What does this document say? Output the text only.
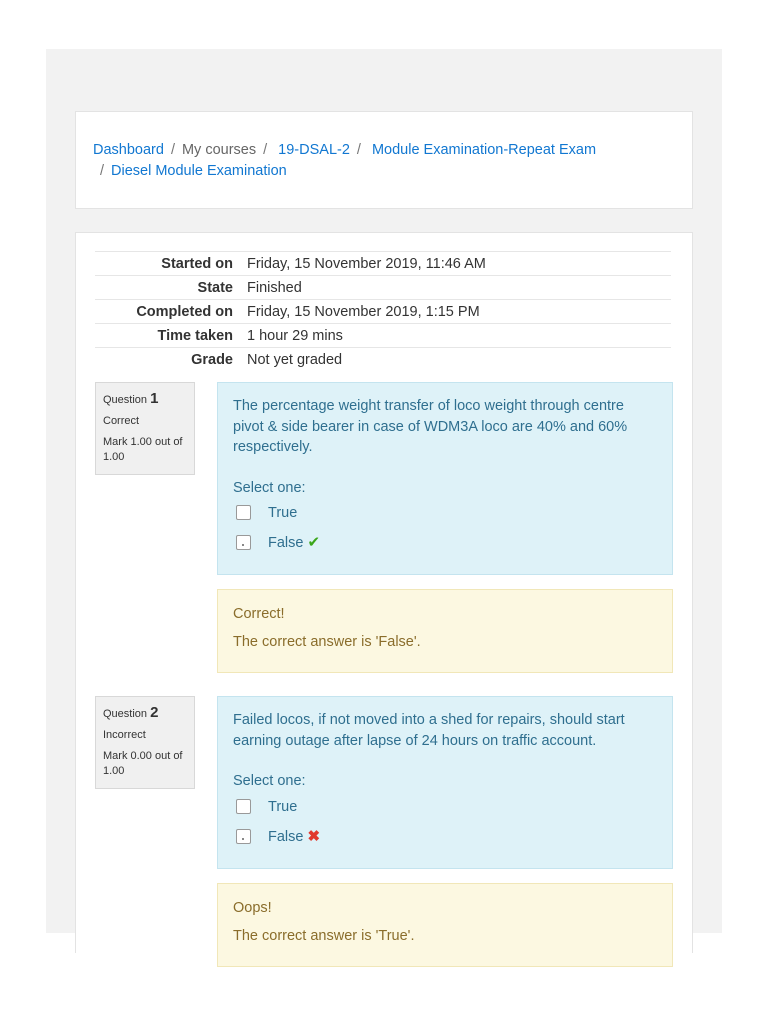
Dashboard / My courses / 19-DSAL-2 / Module Examination-Repeat Exam
/ Diesel Module Examination
Started on	Friday, 15 November 2019, 11:46 AM
State	Finished
Completed on	Friday, 15 November 2019, 1:15 PM
Time taken	1 hour 29 mins
Grade	Not yet graded
Question 1
Correct
Mark 1.00 out of 1.00
The percentage weight transfer of loco weight through centre pivot & side bearer in case of WDM3A loco are 40% and 60% respectively.
Select one:
True
False ✔
Correct!
The correct answer is 'False'.
Question 2
Incorrect
Mark 0.00 out of 1.00
Failed locos, if not moved into a shed for repairs, should start earning outage after lapse of 24 hours on traffic account.
Select one:
True
False ✖
Oops!
The correct answer is 'True'.
